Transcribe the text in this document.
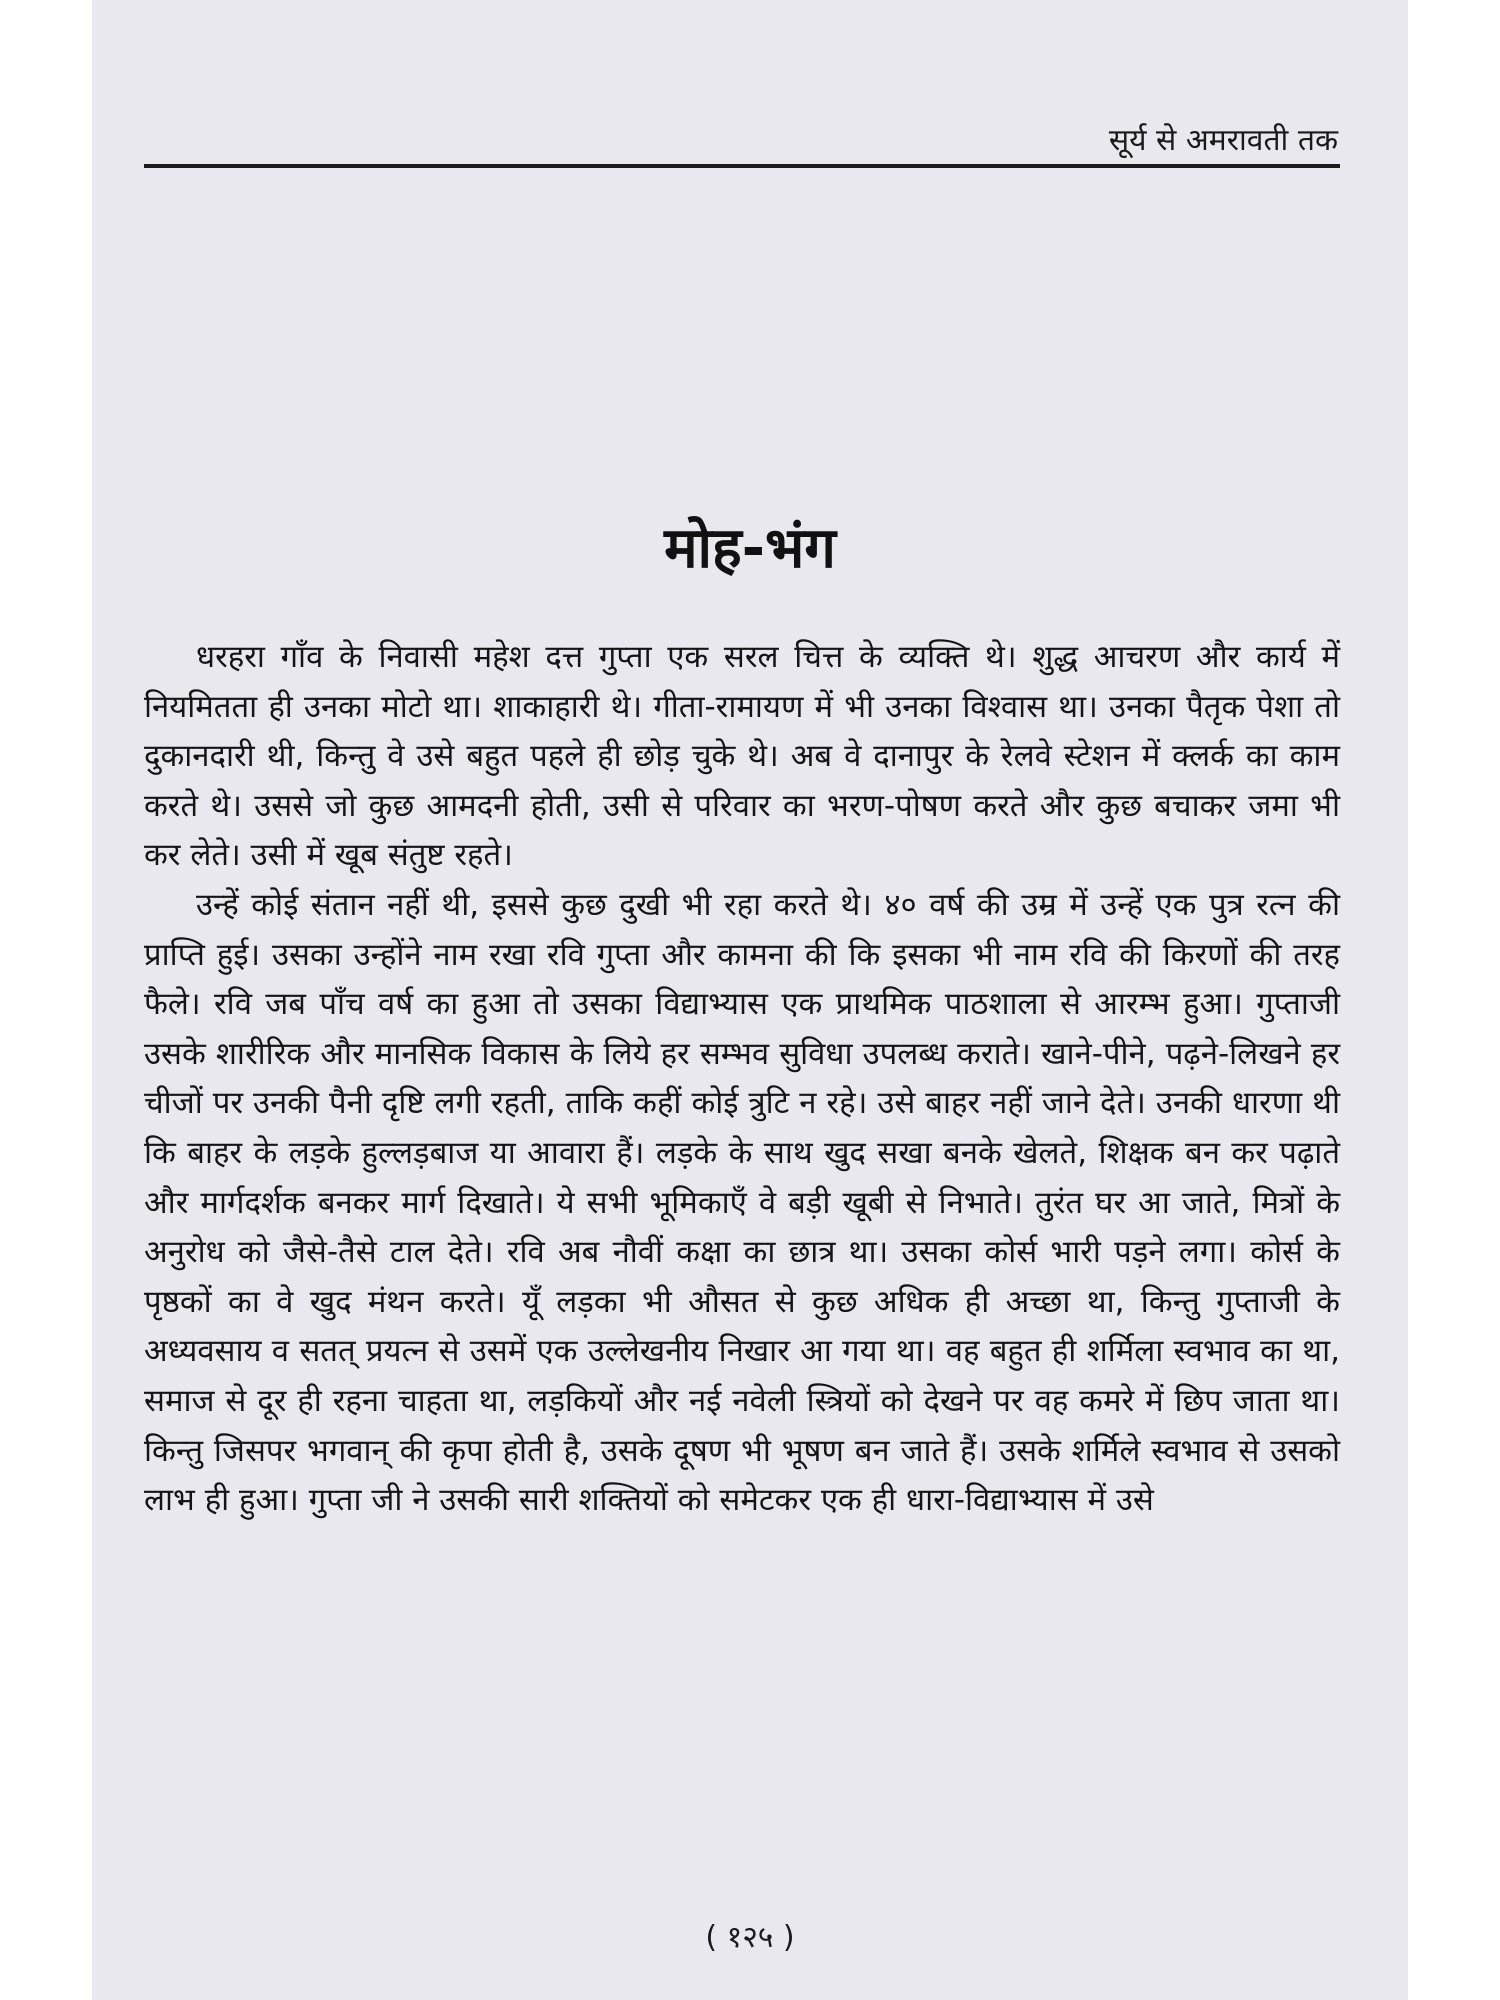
सूर्य से अमरावती तक
मोह-भंग

धरहरा गाँव के निवासी महेश दत्त गुप्ता एक सरल चित्त के व्यक्ति थे। शुद्ध आचरण और कार्य में नियमितता ही उनका मोटो था। शाकाहारी थे। गीता-रामायण में भी उनका विश्वास था। उनका पैतृक पेशा तो दुकानदारी थी, किन्तु वे उसे बहुत पहले ही छोड़ चुके थे। अब वे दानापुर के रेलवे स्टेशन में क्लर्क का काम करते थे। उससे जो कुछ आमदनी होती, उसी से परिवार का भरण-पोषण करते और कुछ बचाकर जमा भी कर लेते। उसी में खूब संतुष्ट रहते।

उन्हें कोई संतान नहीं थी, इससे कुछ दुखी भी रहा करते थे। ४० वर्ष की उम्र में उन्हें एक पुत्र रत्न की प्राप्ति हुई। उसका उन्होंने नाम रखा रवि गुप्ता और कामना की कि इसका भी नाम रवि की किरणों की तरह फैले। रवि जब पाँच वर्ष का हुआ तो उसका विद्याभ्यास एक प्राथमिक पाठशाला से आरम्भ हुआ। गुप्ताजी उसके शारीरिक और मानसिक विकास के लिये हर सम्भव सुविधा उपलब्ध कराते। खाने-पीने, पढ़ने-लिखने हर चीजों पर उनकी पैनी दृष्टि लगी रहती, ताकि कहीं कोई त्रुटि न रहे। उसे बाहर नहीं जाने देते। उनकी धारणा थी कि बाहर के लड़के हुल्लड़बाज या आवारा हैं। लड़के के साथ खुद सखा बनके खेलते, शिक्षक बन कर पढ़ाते और मार्गदर्शक बनकर मार्ग दिखाते। ये सभी भूमिकाएँ वे बड़ी खूबी से निभाते। तुरंत घर आ जाते, मित्रों के अनुरोध को जैसे-तैसे टाल देते। रवि अब नौवीं कक्षा का छात्र था। उसका कोर्स भारी पड़ने लगा। कोर्स के पृष्ठकों का वे खुद मंथन करते। यूँ लड़का भी औसत से कुछ अधिक ही अच्छा था, किन्तु गुप्ताजी के अध्यवसाय व सतत् प्रयत्न से उसमें एक उल्लेखनीय निखार आ गया था। वह बहुत ही शर्मिला स्वभाव का था, समाज से दूर ही रहना चाहता था, लड़कियों और नई नवेली स्त्रियों को देखने पर वह कमरे में छिप जाता था। किन्तु जिसपर भगवान् की कृपा होती है, उसके दूषण भी भूषण बन जाते हैं। उसके शर्मिले स्वभाव से उसको लाभ ही हुआ। गुप्ता जी ने उसकी सारी शक्तियों को समेटकर एक ही धारा-विद्याभ्यास में उसे

( १२५ )
